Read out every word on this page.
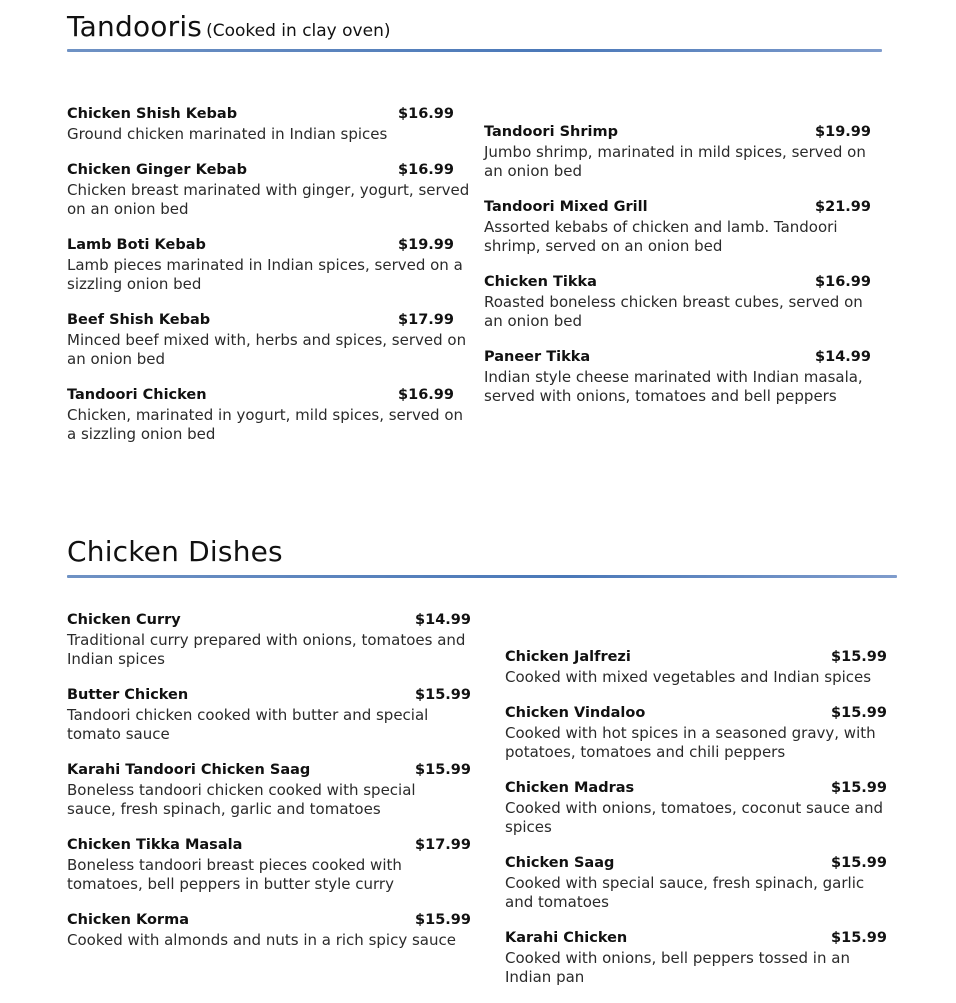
Tandooris (Cooked in clay oven)
Chicken Shish Kebab	$16.99

Ground chicken marinated in Indian spices

Chicken Ginger Kebab	$16.99

Chicken breast marinated with ginger, yogurt, served on an onion bed

Lamb Boti Kebab	$19.99

Lamb pieces marinated in Indian spices, served on a sizzling onion bed

Beef Shish Kebab	$17.99

Minced beef mixed with, herbs and spices, served on an onion bed

Tandoori Chicken	$16.99

Chicken, marinated in yogurt, mild spices, served on a sizzling onion bed

Tandoori Shrimp	$19.99

Jumbo shrimp, marinated in mild spices, served on an onion bed

Tandoori Mixed Grill	$21.99

Assorted kebabs of chicken and lamb. Tandoori shrimp, served on an onion bed

Chicken Tikka	$16.99

Roasted boneless chicken breast cubes, served on an onion bed

Paneer Tikka	$14.99

Indian style cheese marinated with Indian masala, served with onions, tomatoes and bell peppers

Chicken Dishes
Chicken Curry	$14.99

Traditional curry prepared with onions, tomatoes and Indian spices

Butter Chicken	$15.99

Tandoori chicken cooked with butter and special tomato sauce

Karahi Tandoori Chicken Saag	$15.99

Boneless tandoori chicken cooked with special sauce, fresh spinach, garlic and tomatoes

Chicken Tikka Masala	$17.99

Boneless tandoori breast pieces cooked with tomatoes, bell peppers in butter style curry

Chicken Korma	$15.99

Cooked with almonds and nuts in a rich spicy sauce

Chicken Jalfrezi	$15.99

Cooked with mixed vegetables and Indian spices

Chicken Vindaloo	$15.99

Cooked with hot spices in a seasoned gravy, with potatoes, tomatoes and chili peppers

Chicken Madras	$15.99

Cooked with onions, tomatoes, coconut sauce and spices

Chicken Saag	$15.99

Cooked with special sauce, fresh spinach, garlic and tomatoes

Karahi Chicken	$15.99

Cooked with onions, bell peppers tossed in an Indian pan
